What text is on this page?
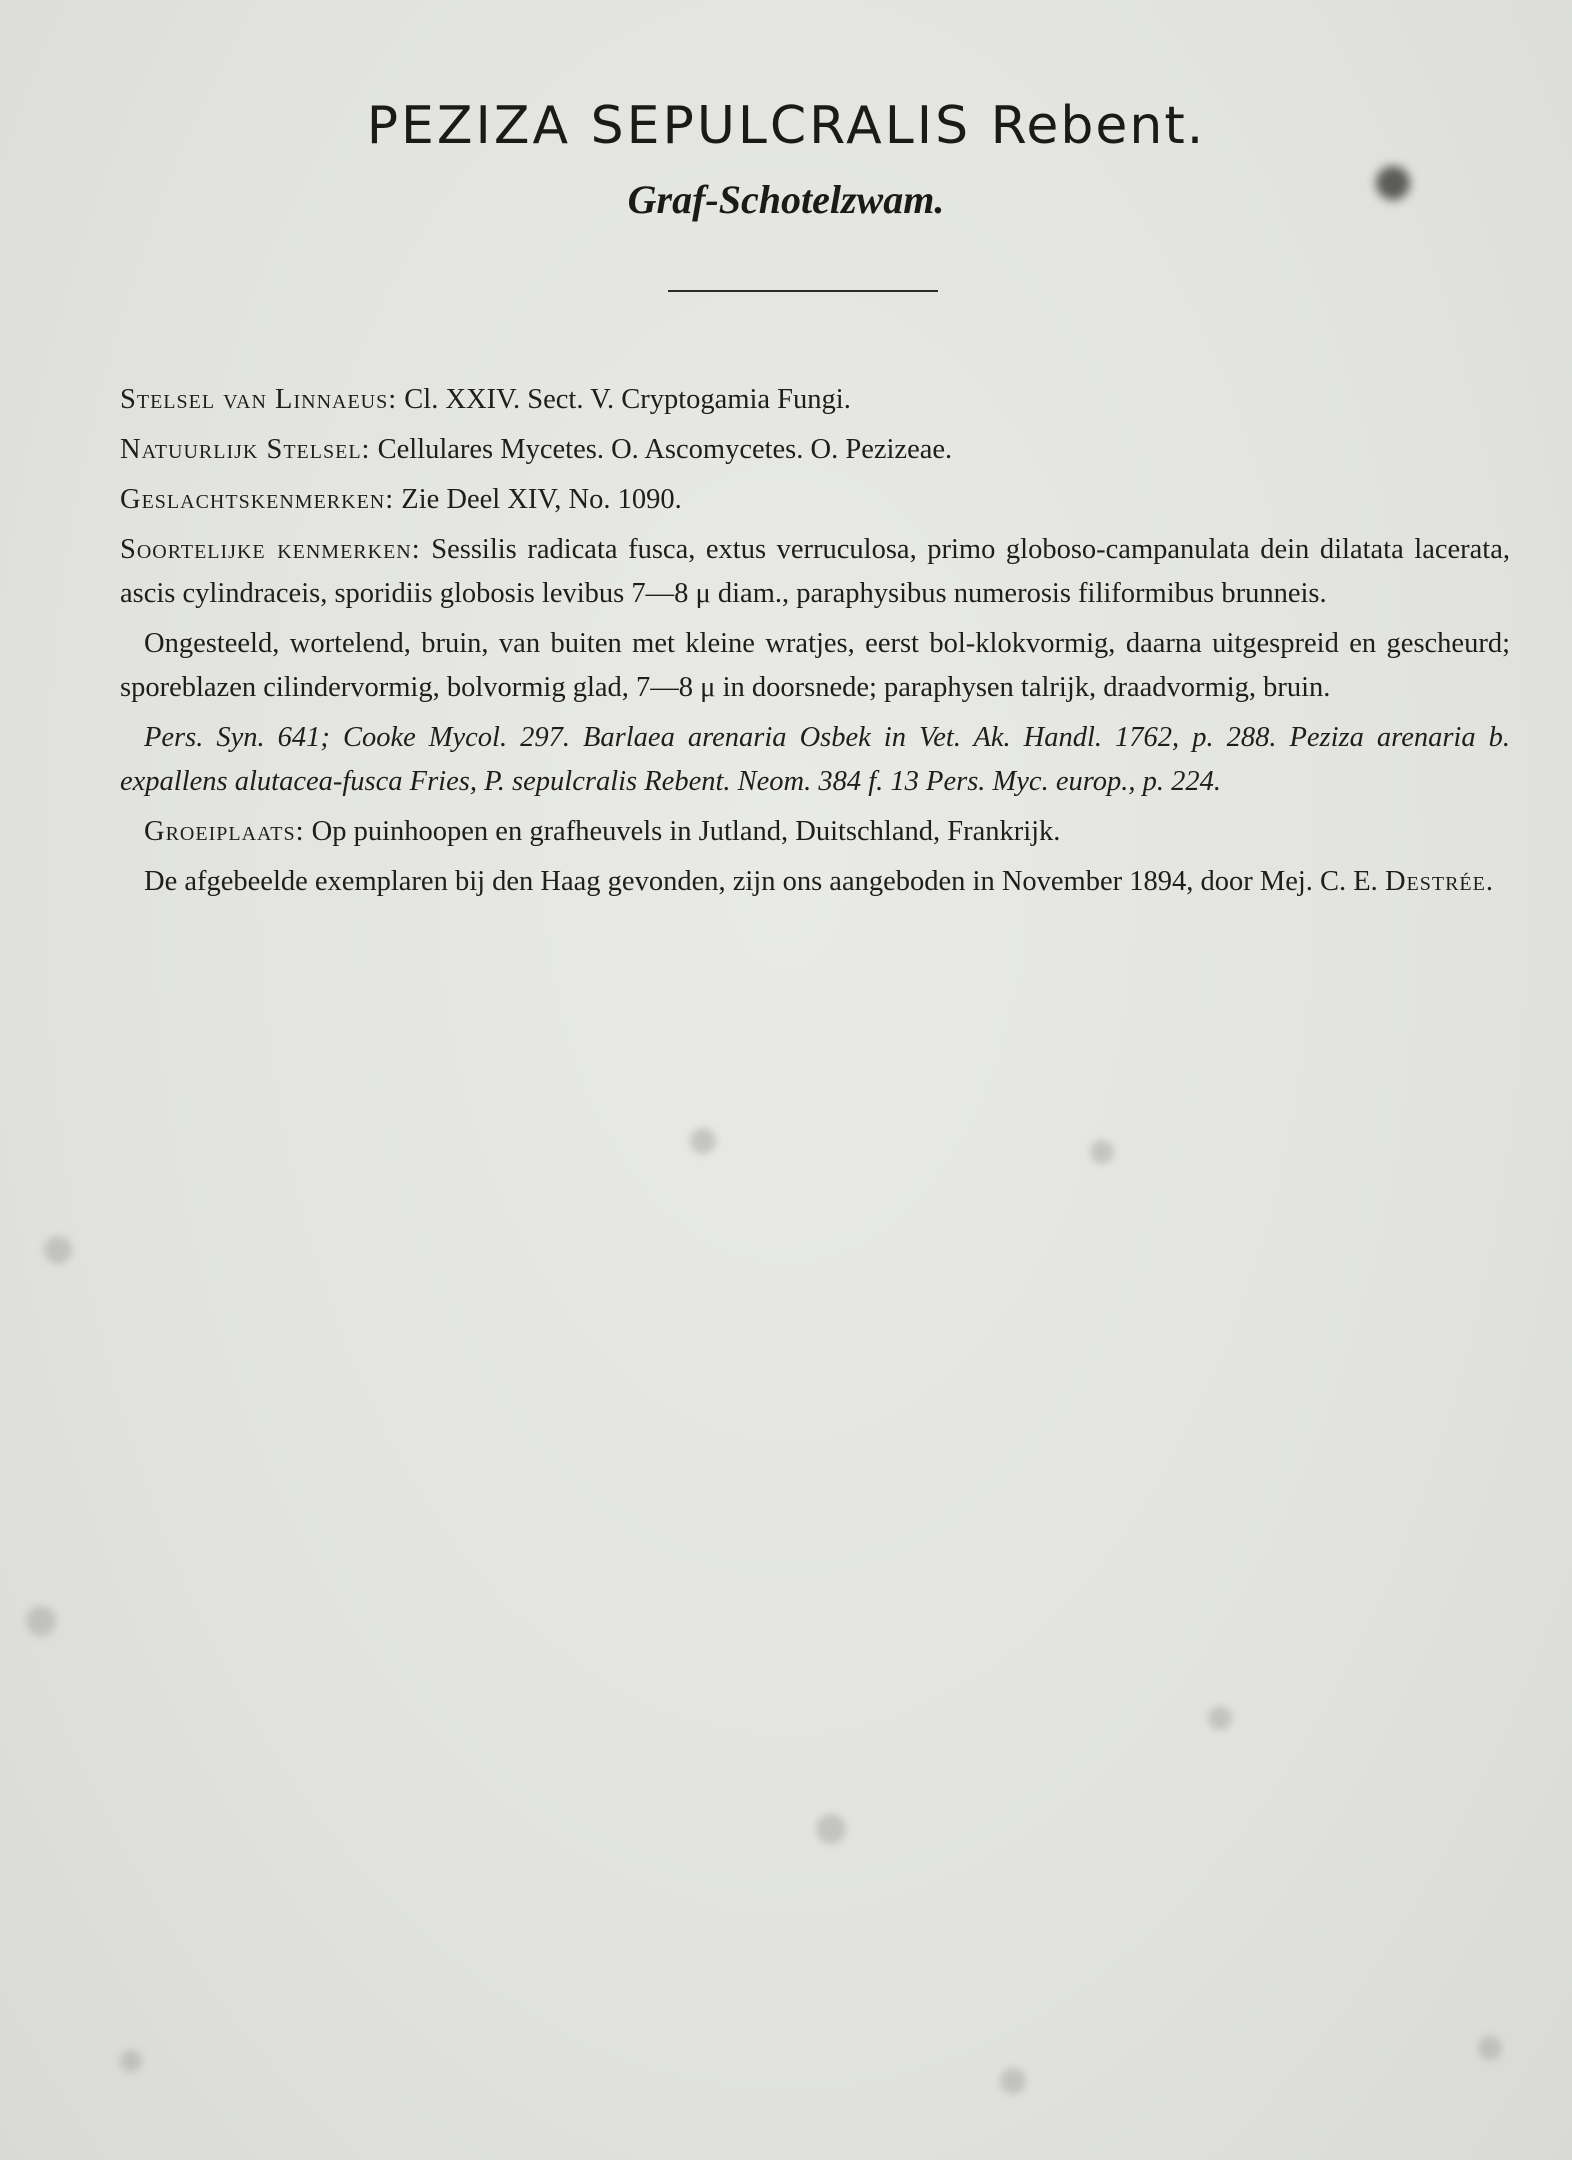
PEZIZA SEPULCRALIS Rebent.
Graf-Schotelzwam.

Stelsel van Linnaeus: Cl. XXIV. Sect. V. Cryptogamia Fungi.

Natuurlijk Stelsel: Cellulares Mycetes. O. Ascomycetes. O. Pezizeae.

Geslachtskenmerken: Zie Deel XIV, No. 1090.

Soortelijke kenmerken: Sessilis radicata fusca, extus verruculosa, primo globoso-campanulata dein dilatata lacerata, ascis cylindraceis, sporidiis globosis levibus 7—8 μ diam., paraphysibus numerosis filiformibus brunneis.

Ongesteeld, wortelend, bruin, van buiten met kleine wratjes, eerst bol-klokvormig, daarna uitgespreid en gescheurd; sporeblazen cilindervormig, bolvormig glad, 7—8 μ in doorsnede; paraphysen talrijk, draadvormig, bruin.

Pers. Syn. 641; Cooke Mycol. 297. Barlaea arenaria Osbek in Vet. Ak. Handl. 1762, p. 288. Peziza arenaria b. expallens alutacea-fusca Fries, P. sepulcralis Rebent. Neom. 384 f. 13 Pers. Myc. europ., p. 224.

Groeiplaats: Op puinhoopen en grafheuvels in Jutland, Duitschland, Frankrijk.

De afgebeelde exemplaren bij den Haag gevonden, zijn ons aangeboden in November 1894, door Mej. C. E. Destrée.
